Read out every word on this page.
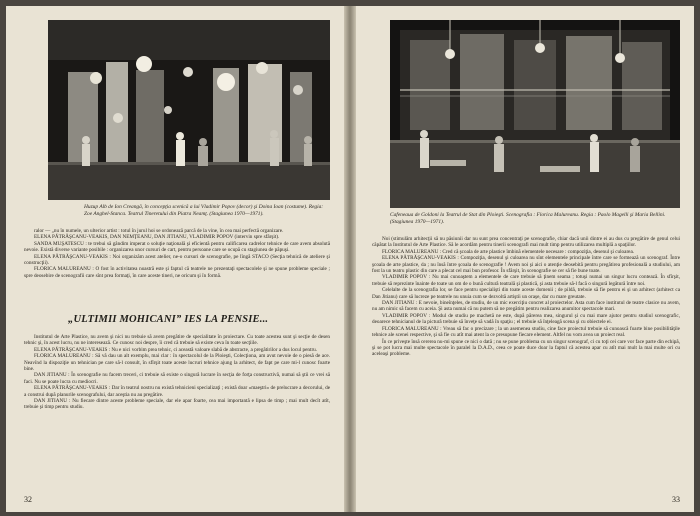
Huzup Alb de Ion Creangă, în concepţia scenică a lui Vladimir Popov (decor) şi Doina Ioan (costume). Regia: Zoe Anghel-Stanca. Teatrul Tineretului din Piatra Neamţ. (Stagiunea 1970—1971).

ralor — „nu în numele, un ulterior artist : totul în jurul hoi se ordonează parcă de la vine, în cea mai perfectă organizare.

ELENA PĂTRĂŞCANU-VEAKIS, DAN NEMŢEANU, DAN JITIANU, VLADIMIR POPOV (intervin spre sfârşit).

SANDA MUŞATESCU : te trebui să gândim imperat o soluţie naţională şi eficientă pentru calificarea cadrelor tehnice de care avem absolută nevoie. Există diverse variante posibile : organizarea unor cursuri de cart, pentru persoane care se ocupă cu stagiunea de păpuşi.

ELENA PĂTRĂŞCANU-VEAKIS : Noi organizăm acest atelier, ne-o cursuri de scenografie, pe lîngă STACO (Secţia tehnică de ateliere şi construcţii).

FLORICA MALUREANU : O fost în activitatea noastră este şi faptul că teatrele ne prezentaţi spectacolele şi ne spune probleme speciale ; spre deosebire de scenografii care sînt prea formaţi, în care aceste tineri, ne oricum şi în formă.

„ULTIMII MOHICANI” IES LA PENSIE...

Institutul de Arte Plastice, nu avem şi nici nu trebuie să avem pregătire de specialitate în proiectare. Cu toate acestea sunt şi secţie de desen tehnic şi, în acest lucru, nu ne interesează. Ce cunosc noi despre, îi cred că trebuie să existe ceva în toate secţiile.

ELENA PĂTRĂŞCANU-VEAKIS : Nu e nici vorbim prea tehnic, ci această valoare slabă de abstracte, a pregătirilor a dus locul pentru.

FLORICA MALUREANU : Să vă dau un alt exemplu, mai clar : în spectacolul de la Ploieşti, Colecţiona, am avut nevoie de o piesă de ace. Neavînd la dispoziţie un tehnician pe care să-l consult, în sfîrşit toate aceste lucruri tehnice ajung la arhitect, de fapt pe care mi-l cunosc foarte bine.

DAN JITIANU : În scenografie nu facem treceri, ci trebuie să existe o singură lucrare în secţia de forţa constructivă, numai să ştii ce vrei să faci. Nu se poate lucra cu mediocri.

ELENA PĂTRĂŞCANU-VEAKIS : Dar în teatrul nostru nu există tehnicieni specializaţi ; există doar «maeştri» de prelucrare a decorului, de a construi după planurile scenografului, dar aceştia nu au pregătire.

DAN JITIANU : Nu fiecare dintre aceste probleme speciale, dar ele apar foarte, cea mai importantă e lipsa de timp ; mai mult decît atît, trebuie şi timp pentru studiu.

32
Cafeneaua de Goldoni la Teatrul de Stat din Ploieşti. Scenografia : Florica Malureanu. Regia : Paolo Magelli şi Maria Bellini. (Stagiunea 1970—1971).

Noi (stimulăm arhitecţii să nu păsiunii dar nu sunt prea concentraţi pe scenografie, chiar dacă unii dintre ei au dus cu pregătire de genul celui căpătat la Institutul de Arte Plastice. Să le acordăm pentru tinerii scenografi mai mult timp pentru utilizarea multiplă a spaţiilor.

FLORICA MALUREANU : Cred că şcoala de arte plastice îmbină elementele necesare : compoziţia, desenul şi culoarea.

ELENA PĂTRĂŞCANU-VEAKIS : Compoziţia, desenul şi culoarea nu sînt elementele principale între care se formează un scenograf. Între şcoala de arte plastice, da ; nu însă între şcoala de scenografie ! Avem noi şi aici o atenţie deosebită pentru pregătirea profesională a studiului, am fost la un teatru plastic din care a plecat cel mai bun profesor. În sfârşit, în scenografie se cer să fie bune toate.

VLADIMIR POPOV : Nu mai cunoaştem a elementele de care trebuie să ţinem seama ; totuşi numai un singur lucru contează. În sfîrşit, trebuie să reprezinte înainte de toate un om de o bună cultură teatrală şi plastică, şi asta trebuie să-l facă o singură legătură între noi.

Celelalte de la scenografia lor, se face pentru specialişti din toate aceste domenii ; de pildă, trebuie să fie pentru ei şi un arhitect (arhitect ca Dan Jitianu) care să lucreze pe teatrele nu unuia cum se dezvoltă artiştii un oraşe, dar cu mare greutate.

DAN JITIANU : E nevoie, bineînţeles, de studiu, de un mic exerciţiu concret al proiectelor. Asta cum face institutul de teatre clasice nu avem, nu am nimic să facem cu aceia. Şi asta numai că nu putem să ne pregătim pentru realizarea anumitor spectacole mari.

VLADIMIR POPOV : Modul de studiu pe machetă ne este, după părerea mea, singurul şi cu mai mare ajutor pentru studiul scenografic, deoarece tehnicianul de la pictură trebuie să înveţe să vadă în spaţiu ; el trebuie să înţeleagă scena şi cu obiectele ei.

FLORICA MALUREANU : Vreau să fac o precizare ; la un asemenea studiu, cine face proiectul trebuie să cunoască foarte bine posibilităţile tehnice ale scenei respective, şi să fie cu atît mai atent la ce presupune fiecare element. Altfel nu vom avea un proiect real.

În ce priveşte însă cererea nu-mi spune ce nici o dată ; nu se pune problema cu un singur scenograf, ci cu toţi cei care vor face parte din echipă, şi se pot lucra mai multe spectacole în paralel la D.A.D., ceea ce poate duce doar la faptul că acestea apar cu atît mai mult la mai multe ori cu aceleaşi probleme.

33
